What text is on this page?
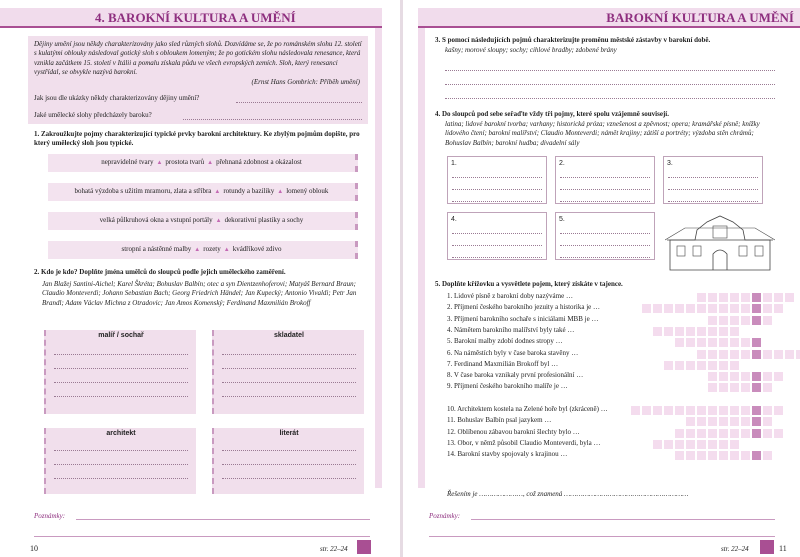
4. BAROKNÍ KULTURA A UMĚNÍ
Dějiny umění jsou někdy charakterizovány jako sled různých slohů. Dozvídáme se, že po románském slohu 12. století s kulatými oblouky následoval gotický sloh s obloukem lomeným; že po gotickém slohu následovala renesance, která vznikla začátkem 15. století v Itálii a pomalu získala půdu ve všech evropských zemích. Sloh, který renesanci vystřídal, se obvykle nazývá barokní.
(Ernst Hans Gombrich: Příběh umění)
Jak jsou dle ukázky někdy charakterizovány dějiny umění?
Jaké umělecké slohy předcházely baroku?
1. Zakroužkujte pojmy charakterizující typické prvky barokní architektury. Ke zbylým pojmům dopište, pro který umělecký sloh jsou typické.
nepravidelné tvary ▲ prostota tvarů ▲ přehnaná zdobnost a okázalost
bohatá výzdoba s užitím mramoru, zlata a stříbra ▲ rotundy a baziliky ▲ lomený oblouk
velká půlkruhová okna a vstupní portály ▲ dekorativní plastiky a sochy
stropní a nástěnné malby ▲ rozety ▲ kvádříkové zdivo
2. Kdo je kdo? Doplňte jména umělců do sloupců podle jejich uměleckého zaměření.
Jan Blažej Santini-Aichel; Karel Škréta; Bohuslav Balbín; otec a syn Dientzenhoferovi; Matyáš Bernard Braun; Claudio Monteverdi; Johann Sebastian Bach; Georg Friedrich Händel; Jan Kupecký; Antonio Vivaldi; Petr Jan Brandl; Adam Václav Michna z Otradovic; Jan Amos Komenský; Ferdinand Maxmilián Brokoff
malíř / sochař	skladatel
architekt	literát
Poznámky:
10	str. 22–24
BAROKNÍ KULTURA A UMĚNÍ
3. S pomocí následujících pojmů charakterizujte proměnu městské zástavby v barokní době.
kašny; morové sloupy; sochy; cihlové bradby; zdobené brány
4. Do sloupců pod sebe seřaďte vždy tři pojmy, které spolu vzájemně souvisejí.
latina; lidové barokní tvorba; varhany; historická próza; vznešenost a zpěvnost; opera; kramářské písně; knížky lidového čtení; barokní malířství; Claudio Monteverdi; námět krajiny; zátiší a portréty; výzdoba stěn chrámů; Bohuslav Balbín; barokní hudba; divadelní sály
1.	2.	3.
4.	5.
5. Doplňte křížovku a vysvětlete pojem, který získáte v tajence.
Řešením je …………………, což znamená ……………………………………………………
Poznámky:
str. 22–24	11
1. Lidové písně z barokní doby nazýváme …
2. Příjmení českého barokního jezuity a historika je …
3. Příjmení barokního sochaře s iniciálami MBB je …
4. Námětem barokního malířství byly také …
5. Barokní malby zdobí dodnes stropy …
6. Na náměstích byly v čase baroka stavěny …
7. Ferdinand Maxmilián Brokoff byl …
8. V čase baroka vznikaly první profesionální …
9. Příjmení českého barokního malíře je …
10. Architektem kostela na Zelené hoře byl (zkráceně) …
11. Bohuslav Balbín psal jazykem …
12. Oblíbenou zábavou barokní šlechty bylo …
13. Obor, v němž působil Claudio Monteverdi, byla …
14. Barokní stavby spojovaly s krajinou …
